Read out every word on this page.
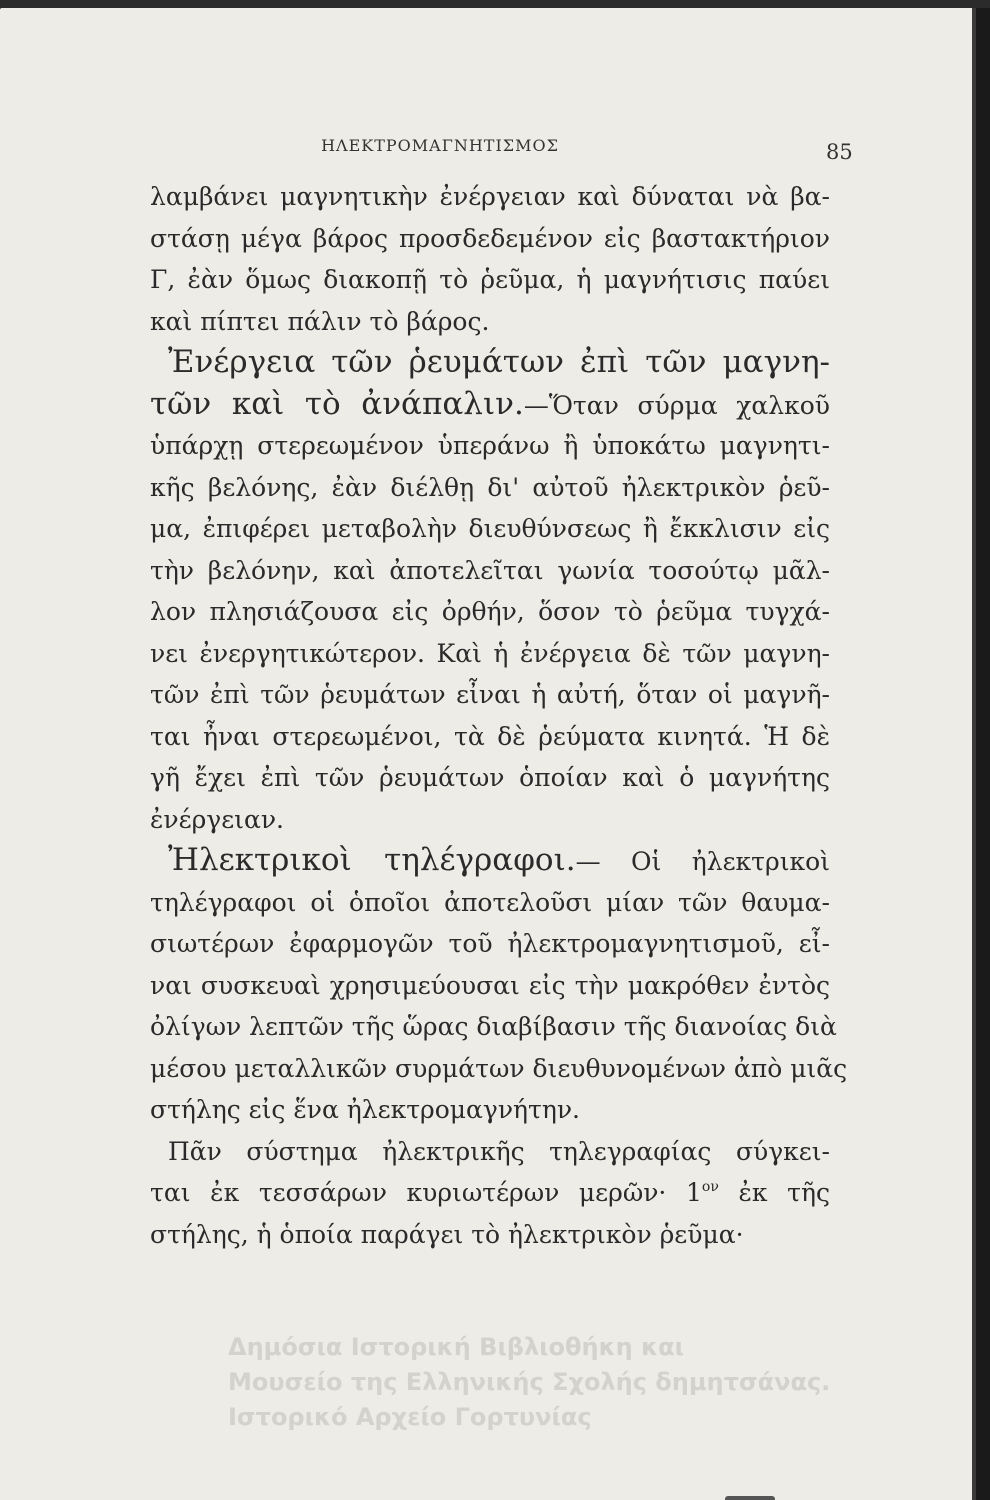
ΗΛΕΚΤΡΟΜΑΓΝΗΤΙΣΜΟΣ	85
λαμβάνει μαγνητικὴν ἐνέργειαν καὶ δύναται νὰ βα-
στάσῃ μέγα βάρος προσδεδεμένον εἰς βαστακτήριον
Γ, ἐὰν ὅμως διακοπῇ τὸ ῥεῦμα, ἡ μαγνήτισις παύει
καὶ πίπτει πάλιν τὸ βάρος.
Ἐνέργεια τῶν ῥευμάτων ἐπὶ τῶν μαγνη-
τῶν καὶ τὸ ἀνάπαλιν.—Ὅταν σύρμα χαλκοῦ
ὑπάρχῃ στερεωμένον ὑπεράνω ἢ ὑποκάτω μαγνητι-
κῆς βελόνης, ἐὰν διέλθῃ δι' αὐτοῦ ἠλεκτρικὸν ῥεῦ-
μα, ἐπιφέρει μεταβολὴν διευθύνσεως ἢ ἔκκλισιν εἰς
τὴν βελόνην, καὶ ἀποτελεῖται γωνία τοσούτῳ μᾶλ-
λον πλησιάζουσα εἰς ὀρθήν, ὅσον τὸ ῥεῦμα τυγχά-
νει ἐνεργητικώτερον. Καὶ ἡ ἐνέργεια δὲ τῶν μαγνη-
τῶν ἐπὶ τῶν ῥευμάτων εἶναι ἡ αὐτή, ὅταν οἱ μαγνῆ-
ται ἦναι στερεωμένοι, τὰ δὲ ῥεύματα κινητά. Ἡ δὲ
γῆ ἔχει ἐπὶ τῶν ῥευμάτων ὁποίαν καὶ ὁ μαγνήτης
ἐνέργειαν.
Ἠλεκτρικοὶ τηλέγραφοι.— Οἱ ἠλεκτρικοὶ
τηλέγραφοι οἱ ὁποῖοι ἀποτελοῦσι μίαν τῶν θαυμα-
σιωτέρων ἐφαρμογῶν τοῦ ἠλεκτρομαγνητισμοῦ, εἶ-
ναι συσκευαὶ χρησιμεύουσαι εἰς τὴν μακρόθεν ἐντὸς
ὀλίγων λεπτῶν τῆς ὥρας διαβίβασιν τῆς διανοίας διὰ
μέσου μεταλλικῶν συρμάτων διευθυνομένων ἀπὸ μιᾶς
στήλης εἰς ἕνα ἠλεκτρομαγνήτην.
Πᾶν σύστημα ἠλεκτρικῆς τηλεγραφίας σύγκει-
ται ἐκ τεσσάρων κυριωτέρων μερῶν· $1^{o\nu}$ ἐκ τῆς
στήλης, ἡ ὁποία παράγει τὸ ἠλεκτρικὸν ῥεῦμα·
Δημόσια Ιστορική Βιβλιοθήκη και
Μουσείο της Ελληνικής Σχολής δημητσάνας.
Ιστορικό Αρχείο Γορτυνίας
